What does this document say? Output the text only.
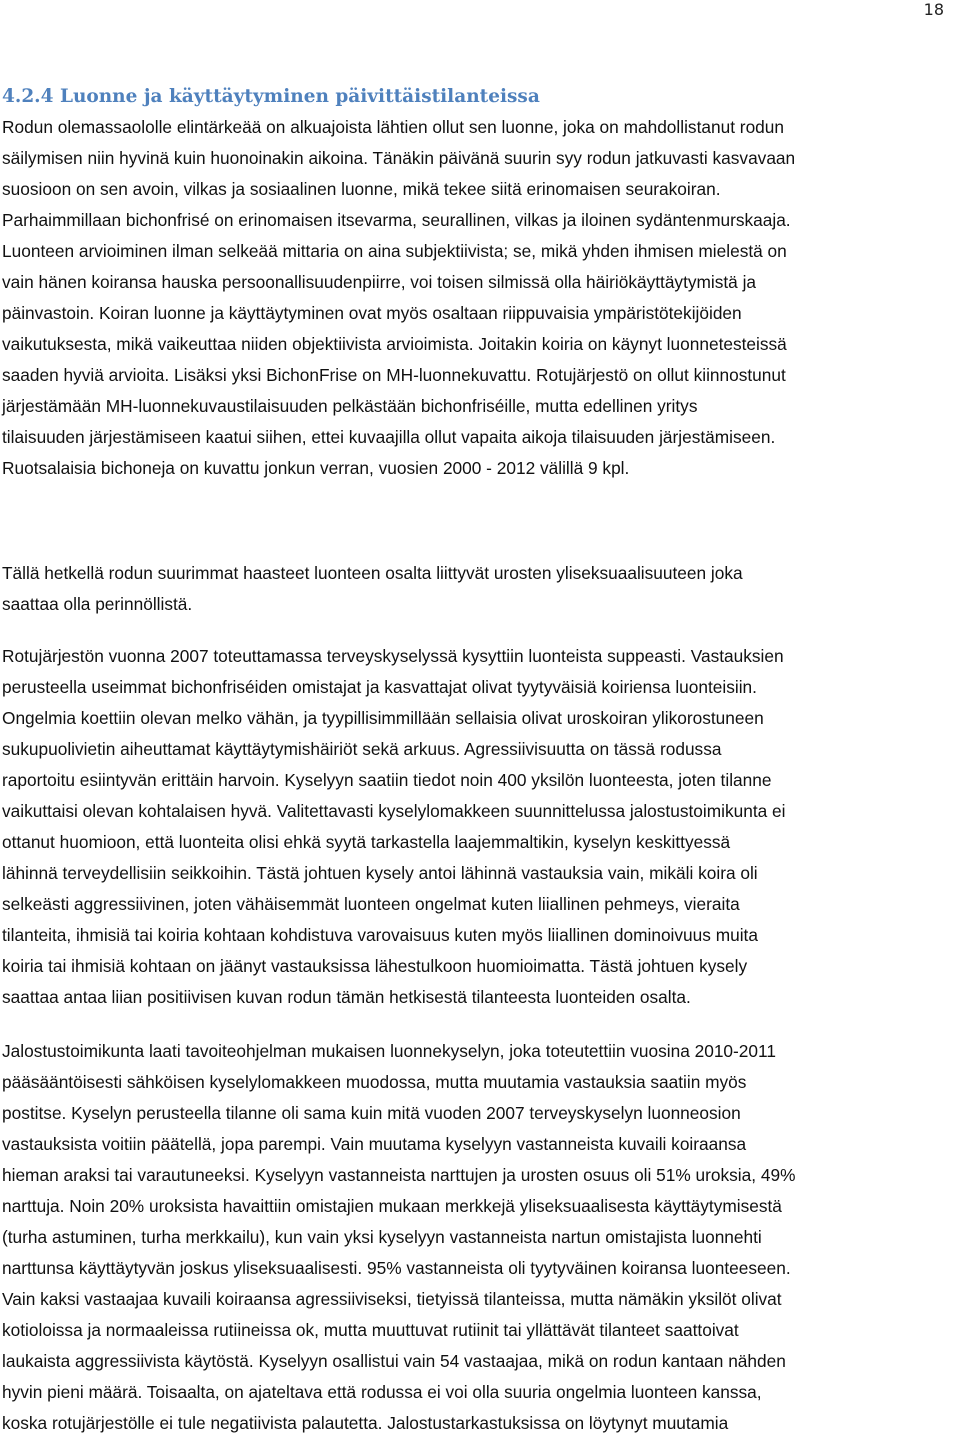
18
4.2.4 Luonne ja käyttäytyminen päivittäistilanteissa
Rodun olemassaololle elintärkeää on alkuajoista lähtien ollut sen luonne, joka on mahdollistanut rodun
säilymisen niin hyvinä kuin huonoinakin aikoina. Tänäkin päivänä suurin syy rodun jatkuvasti kasvavaan
suosioon on sen avoin, vilkas ja sosiaalinen luonne, mikä tekee siitä erinomaisen seurakoiran.
Parhaimmillaan bichonfrisé on erinomaisen itsevarma, seurallinen, vilkas ja iloinen sydäntenmurskaaja.
Luonteen arvioiminen ilman selkeää mittaria on aina subjektiivista; se, mikä yhden ihmisen mielestä on
vain hänen koiransa hauska persoonallisuudenpiirre, voi toisen silmissä olla häiriökäyttäytymistä ja
päinvastoin. Koiran luonne ja käyttäytyminen ovat myös osaltaan riippuvaisia ympäristötekijöiden
vaikutuksesta, mikä vaikeuttaa niiden objektiivista arvioimista. Joitakin koiria on käynyt luonnetesteissä
saaden hyviä arvioita. Lisäksi yksi BichonFrise on MH-luonnekuvattu. Rotujärjestö on ollut kiinnostunut
järjestämään MH-luonnekuvaustilaisuuden pelkästään bichonfriséille, mutta edellinen yritys
tilaisuuden järjestämiseen kaatui siihen, ettei kuvaajilla ollut vapaita aikoja tilaisuuden järjestämiseen.
Ruotsalaisia bichoneja on kuvattu jonkun verran, vuosien 2000 - 2012 välillä 9 kpl.
Tällä hetkellä rodun suurimmat haasteet luonteen osalta liittyvät urosten yliseksuaalisuuteen joka
saattaa olla perinnöllistä.
Rotujärjestön vuonna 2007 toteuttamassa terveyskyselyssä kysyttiin luonteista suppeasti. Vastauksien
perusteella useimmat bichonfriséiden omistajat ja kasvattajat olivat tyytyväisiä koiriensa luonteisiin.
Ongelmia koettiin olevan melko vähän, ja tyypillisimmillään sellaisia olivat uroskoiran ylikorostuneen
sukupuolivietin aiheuttamat käyttäytymishäiriöt sekä arkuus. Agressiivisuutta on tässä rodussa
raportoitu esiintyvän erittäin harvoin. Kyselyyn saatiin tiedot noin 400 yksilön luonteesta, joten tilanne
vaikuttaisi olevan kohtalaisen hyvä. Valitettavasti kyselylomakkeen suunnittelussa jalostustoimikunta ei
ottanut huomioon, että luonteita olisi ehkä syytä tarkastella laajemmaltikin, kyselyn keskittyessä
lähinnä terveydellisiin seikkoihin. Tästä johtuen kysely antoi lähinnä vastauksia vain, mikäli koira oli
selkeästi aggressiivinen, joten vähäisemmät luonteen ongelmat kuten liiallinen pehmeys, vieraita
tilanteita, ihmisiä tai koiria kohtaan kohdistuva varovaisuus kuten myös liiallinen dominoivuus muita
koiria tai ihmisiä kohtaan on jäänyt vastauksissa lähestulkoon huomioimatta. Tästä johtuen kysely
saattaa antaa liian positiivisen kuvan rodun tämän hetkisestä tilanteesta luonteiden osalta.
Jalostustoimikunta laati tavoiteohjelman mukaisen luonnekyselyn, joka toteutettiin vuosina 2010-2011
pääsääntöisesti sähköisen kyselylomakkeen muodossa, mutta muutamia vastauksia saatiin myös
postitse. Kyselyn perusteella tilanne oli sama kuin mitä vuoden 2007 terveyskyselyn luonneosion
vastauksista voitiin päätellä, jopa parempi. Vain muutama kyselyyn vastanneista kuvaili koiraansa
hieman araksi tai varautuneeksi. Kyselyyn vastanneista narttujen ja urosten osuus oli 51% uroksia, 49%
narttuja. Noin 20% uroksista havaittiin omistajien mukaan merkkejä yliseksuaalisesta käyttäytymisestä
(turha astuminen, turha merkkailu), kun vain yksi kyselyyn vastanneista nartun omistajista luonnehti
narttunsa käyttäytyvän joskus yliseksuaalisesti. 95% vastanneista oli tyytyväinen koiransa luonteeseen.
Vain kaksi vastaajaa kuvaili koiraansa agressiiviseksi, tietyissä tilanteissa, mutta nämäkin yksilöt olivat
kotioloissa ja normaaleissa rutiineissa ok, mutta muuttuvat rutiinit tai yllättävät tilanteet saattoivat
laukaista aggressiivista käytöstä. Kyselyyn osallistui vain 54 vastaajaa, mikä on rodun kantaan nähden
hyvin pieni määrä. Toisaalta, on ajateltava että rodussa ei voi olla suuria ongelmia luonteen kanssa,
koska rotujärjestölle ei tule negatiivista palautetta. Jalostustarkastuksissa on löytynyt muutamia
